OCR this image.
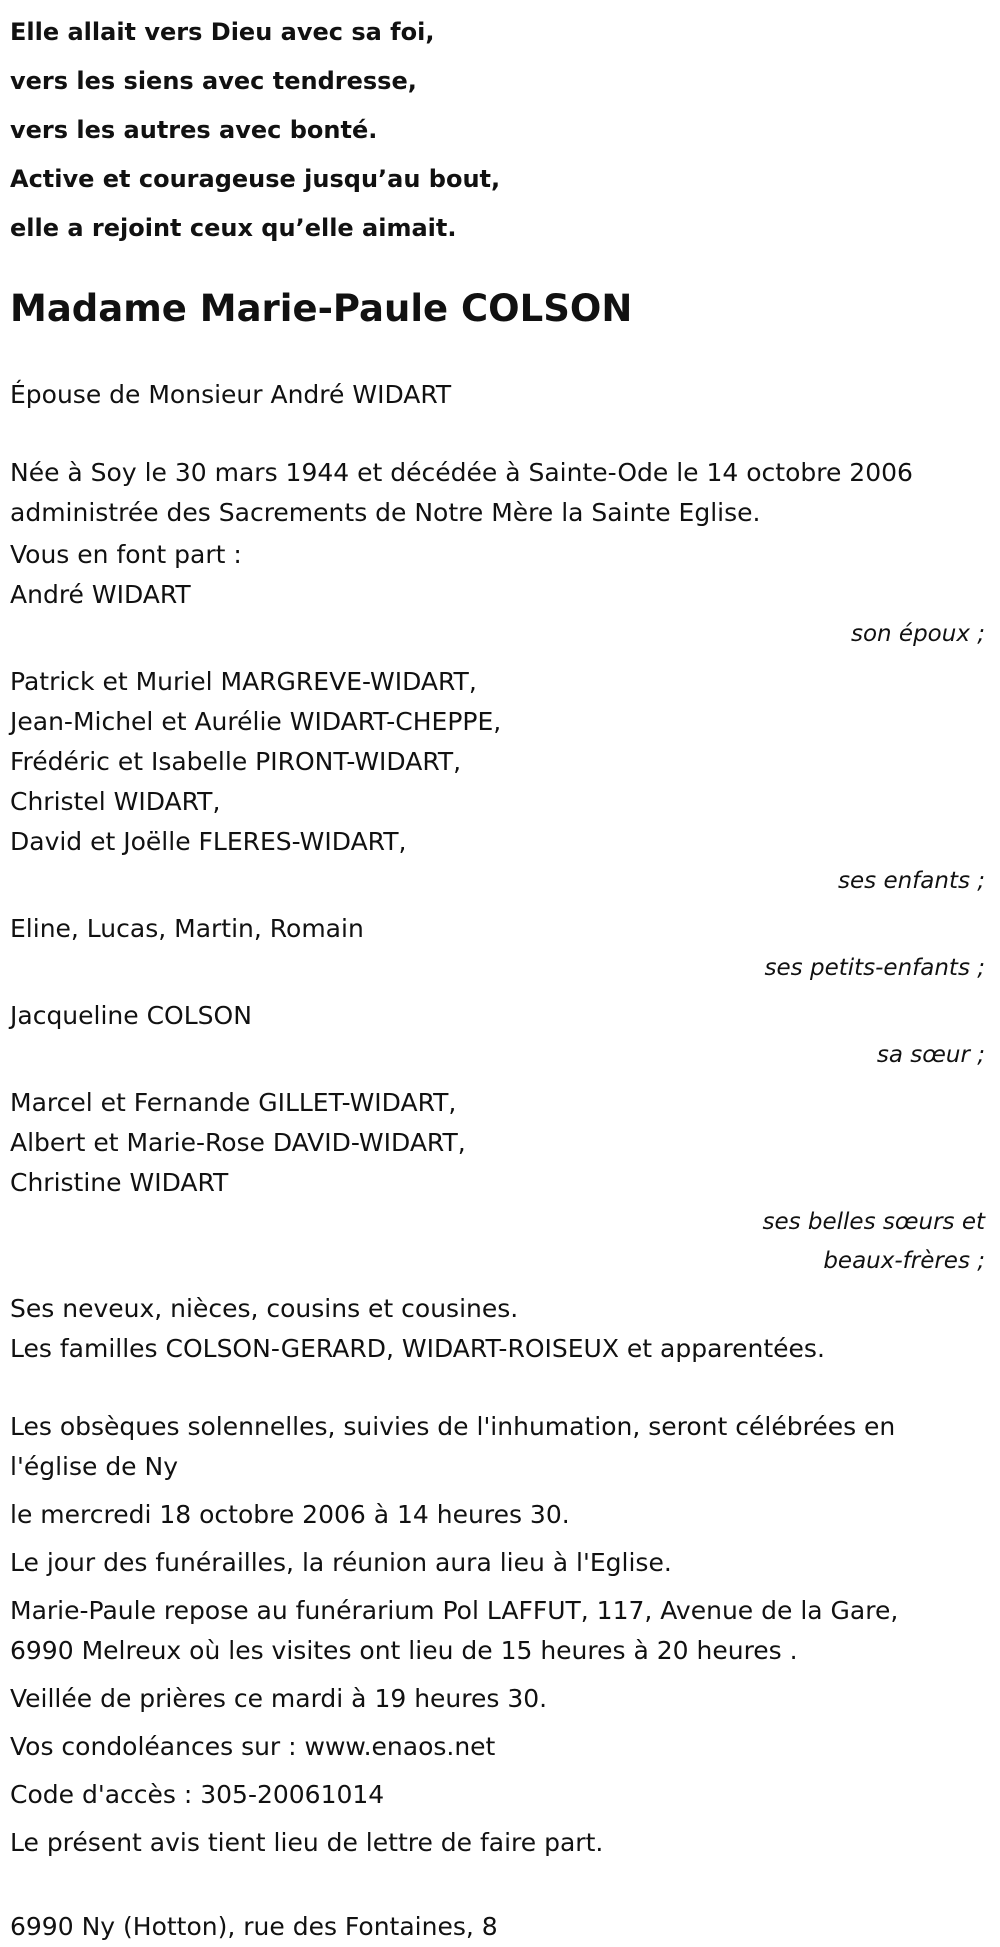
Elle allait vers Dieu avec sa foi,
vers les siens avec tendresse,
vers les autres avec bonté.
Active et courageuse jusqu’au bout,
elle a rejoint ceux qu’elle aimait.
Madame Marie-Paule COLSON
Épouse de Monsieur André WIDART
Née à Soy le 30 mars 1944 et décédée à Sainte-Ode le 14 octobre 2006
administrée des Sacrements de Notre Mère la Sainte Eglise.
Vous en font part :
André WIDART
son époux ;
Patrick et Muriel MARGREVE-WIDART,
Jean-Michel et Aurélie WIDART-CHEPPE,
Frédéric et Isabelle PIRONT-WIDART,
Christel WIDART,
David et Joëlle FLERES-WIDART,
ses enfants ;
Eline, Lucas, Martin, Romain
ses petits-enfants ;
Jacqueline COLSON
sa sœur ;
Marcel et Fernande GILLET-WIDART,
Albert et Marie-Rose DAVID-WIDART,
Christine WIDART
ses belles sœurs et
beaux-frères ;
Ses neveux, nièces, cousins et cousines.
Les familles COLSON-GERARD, WIDART-ROISEUX et apparentées.
Les obsèques solennelles, suivies de l'inhumation, seront célébrées en
l'église de Ny
le mercredi 18 octobre 2006 à 14 heures 30.
Le jour des funérailles, la réunion aura lieu à l'Eglise.
Marie-Paule repose au funérarium Pol LAFFUT, 117, Avenue de la Gare,
6990 Melreux où les visites ont lieu de 15 heures à 20 heures .
Veillée de prières ce mardi à 19 heures 30.
Vos condoléances sur : www.enaos.net
Code d'accès : 305-20061014
Le présent avis tient lieu de lettre de faire part.
6990 Ny (Hotton), rue des Fontaines, 8
